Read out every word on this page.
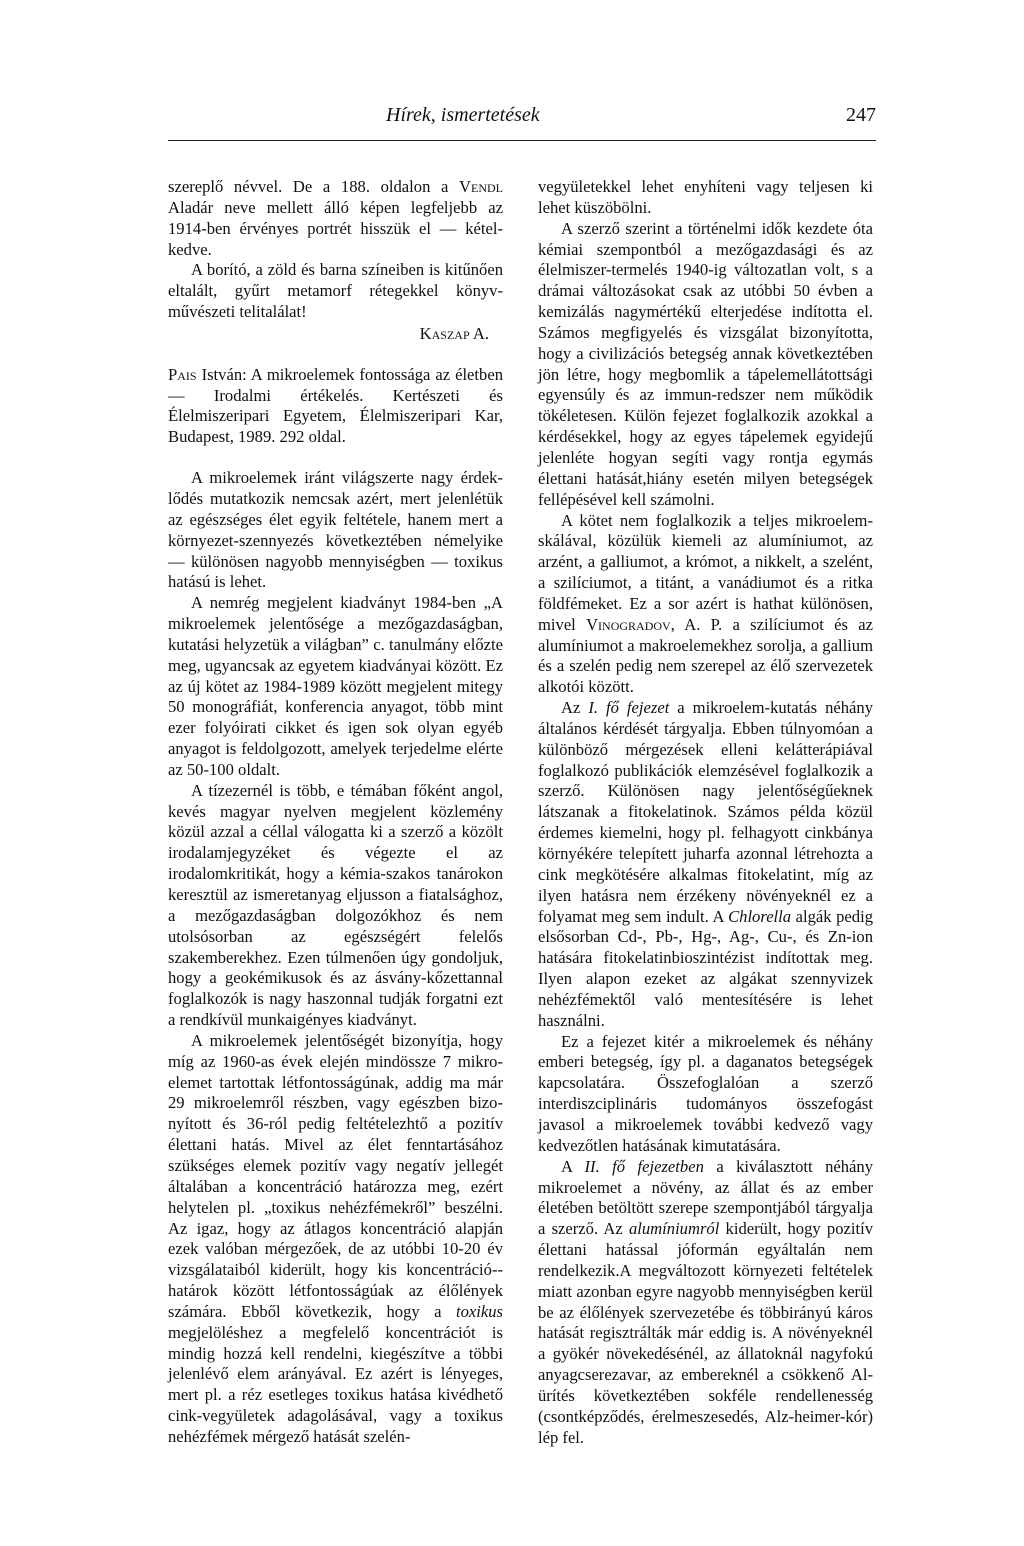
Hírek, ismertetések	247

szereplő névvel. De a 188. oldalon a Vendl Aladár neve mellett álló képen legfeljebb az 1914-ben érvényes portrét hisszük el — kételkedve.

A borító, a zöld és barna színeiben is kitűnően eltalált, gyűrt metamorf rétegekkel könyvművészeti telitalálat!

Kaszap A.

Pais István: A mikroelemek fontossága az életben — Irodalmi értékelés. Kertészeti és Élelmiszeripari Egyetem, Élelmiszeripari Kar, Budapest, 1989. 292 oldal.

A mikroelemek iránt világszerte nagy érdeklődés mutatkozik nemcsak azért, mert jelenlétük az egészséges élet egyik feltétele, hanem mert a környezet-szennyezés következtében némelyike — különösen nagyobb mennyiségben — toxikus hatású is lehet.

A nemrég megjelent kiadványt 1984-ben „A mikroelemek jelentősége a mezőgazdaságban, kutatási helyzetük a világban” c. tanulmány előzte meg, ugyancsak az egyetem kiadványai között. Ez az új kötet az 1984-1989 között megjelent mitegy 50 monográfiát, konferencia anyagot, több mint ezer folyóirati cikket és igen sok olyan egyéb anyagot is feldolgozott, amelyek terjedelme elérte az 50-100 oldalt.

A tízezernél is több, e témában főként angol, kevés magyar nyelven megjelent közlemény közül azzal a céllal válogatta ki a szerző a közölt irodalamjegyzéket és végezte el az irodalomkritikát, hogy a kémia-szakos tanárokon keresztül az ismeretanyag eljusson a fiatalsághoz, a mezőgazdaságban dolgozókhoz és nem utolsósorban az egészségért felelős szakemberekhez. Ezen túlmenően úgy gondoljuk, hogy a geokémikusok és az ásvány-kőzettannal foglalkozók is nagy haszonnal tudják forgatni ezt a rendkívül munkaigényes kiadványt.

A mikroelemek jelentőségét bizonyítja, hogy míg az 1960-as évek elején mindössze 7 mikroelemet tartottak létfontosságúnak, addig ma már 29 mikroelemről részben, vagy egészben bizonyított és 36-ról pedig feltételezhtő a pozitív élettani hatás. Mivel az élet fenntartásához szükséges elemek pozitív vagy negatív jellegét általában a koncentráció határozza meg, ezért helytelen pl. „toxikus nehézfémekről” beszélni. Az igaz, hogy az átlagos koncentráció alapján ezek valóban mérgezőek, de az utóbbi 10-20 év vizsgálataiból kiderült, hogy kis koncentráció--határok között létfontosságúak az élőlények számára. Ebből következik, hogy a toxikus megjelöléshez a megfelelő koncentrációt is mindig hozzá kell rendelni, kiegészítve a többi jelenlévő elem arányával. Ez azért is lényeges, mert pl. a réz esetleges toxikus hatása kivédhető cink-vegyületek adagolásával, vagy a toxikus nehézfémek mérgező hatását szelén-

vegyületekkel lehet enyhíteni vagy teljesen ki lehet küszöbölni.

A szerző szerint a történelmi idők kezdete óta kémiai szempontból a mezőgazdasági és az élelmiszer-termelés 1940-ig változatlan volt, s a drámai változásokat csak az utóbbi 50 évben a kemizálás nagymértékű elterjedése indította el. Számos megfigyelés és vizsgálat bizonyította, hogy a civilizációs betegség annak következtében jön létre, hogy megbomlik a tápelemellátottsági egyensúly és az immun-redszer nem működik tökéletesen. Külön fejezet foglalkozik azokkal a kérdésekkel, hogy az egyes tápelemek egyidejű jelenléte hogyan segíti vagy rontja egymás élettani hatását,hiány esetén milyen betegségek fellépésével kell számolni.

A kötet nem foglalkozik a teljes mikroelemskálával, közülük kiemeli az alumíniumot, az arzént, a galliumot, a krómot, a nikkelt, a szelént, a szilíciumot, a titánt, a vanádiumot és a ritka földfémeket. Ez a sor azért is hathat különösen, mivel Vinogradov, A. P. a szilíciumot és az alumíniumot a makroelemekhez sorolja, a gallium és a szelén pedig nem szerepel az élő szervezetek alkotói között.

Az I. fő fejezet a mikroelem-kutatás néhány általános kérdését tárgyalja. Ebben túlnyomóan a különböző mérgezések elleni kelátterápiával foglalkozó publikációk elemzésével foglalkozik a szerző. Különösen nagy jelentőségűeknek látszanak a fitokelatinok. Számos példa közül érdemes kiemelni, hogy pl. felhagyott cinkbánya környékére telepített juharfa azonnal létrehozta a cink megkötésére alkalmas fitokelatint, míg az ilyen hatásra nem érzékeny növényeknél ez a folyamat meg sem indult. A Chlorella algák pedig elsősorban Cd-, Pb-, Hg-, Ag-, Cu-, és Zn-ion hatására fitokelatinbioszintézist indítottak meg. Ilyen alapon ezeket az algákat szennyvizek nehézfémektől való mentesítésére is lehet használni.

Ez a fejezet kitér a mikroelemek és néhány emberi betegség, így pl. a daganatos betegségek kapcsolatára. Összefoglalóan a szerző interdiszciplináris tudományos összefogást javasol a mikroelemek további kedvező vagy kedvezőtlen hatásának kimutatására.

A II. fő fejezetben a kiválasztott néhány mikroelemet a növény, az állat és az ember életében betöltött szerepe szempontjából tárgyalja a szerző. Az alumíniumról kiderült, hogy pozitív élettani hatással jóformán egyáltalán nem rendelkezik.A megváltozott környezeti feltételek miatt azonban egyre nagyobb mennyiségben kerül be az élőlények szervezetébe és többirányú káros hatását regisztrálták már eddig is. A növényeknél a gyökér növekedésénél, az állatoknál nagyfokú anyagcserezavar, az embereknél a csökkenő Al-ürítés következtében sokféle rendellenesség (csontképződés, érelmeszesedés, Alz-heimer-kór) lép fel.
